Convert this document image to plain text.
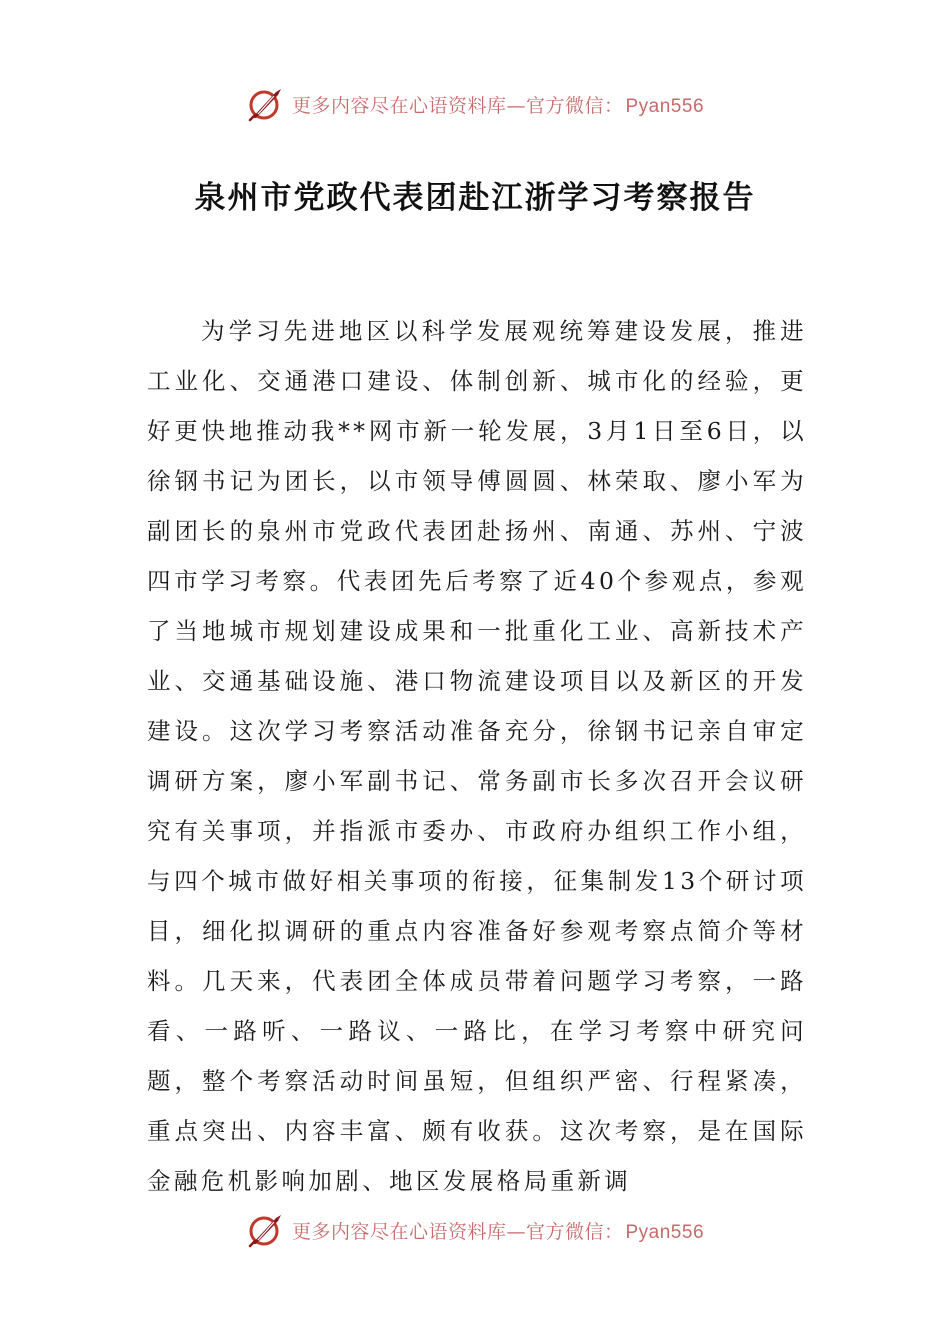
更多内容尽在心语资料库—官方微信： Pyan556
泉州市党政代表团赴江浙学习考察报告

为学习先进地区以科学发展观统筹建设发展，推进工业化、交通港口建设、体制创新、城市化的经验，更好更快地推动我**网市新一轮发展，3月1日至6日，以徐钢书记为团长，以市领导傅圆圆、林荣取、廖小军为副团长的泉州市党政代表团赴扬州、南通、苏州、宁波四市学习考察。代表团先后考察了近40个参观点，参观了当地城市规划建设成果和一批重化工业、高新技术产业、交通基础设施、港口物流建设项目以及新区的开发建设。这次学习考察活动准备充分，徐钢书记亲自审定调研方案，廖小军副书记、常务副市长多次召开会议研究有关事项，并指派市委办、市政府办组织工作小组，与四个城市做好相关事项的衔接，征集制发13个研讨项目，细化拟调研的重点内容准备好参观考察点简介等材料。几天来，代表团全体成员带着问题学习考察，一路看、一路听、一路议、一路比，在学习考察中研究问题，整个考察活动时间虽短，但组织严密、行程紧凑，重点突出、内容丰富、颇有收获。这次考察，是在国际金融危机影响加剧、地区发展格局重新调

更多内容尽在心语资料库—官方微信： Pyan556
